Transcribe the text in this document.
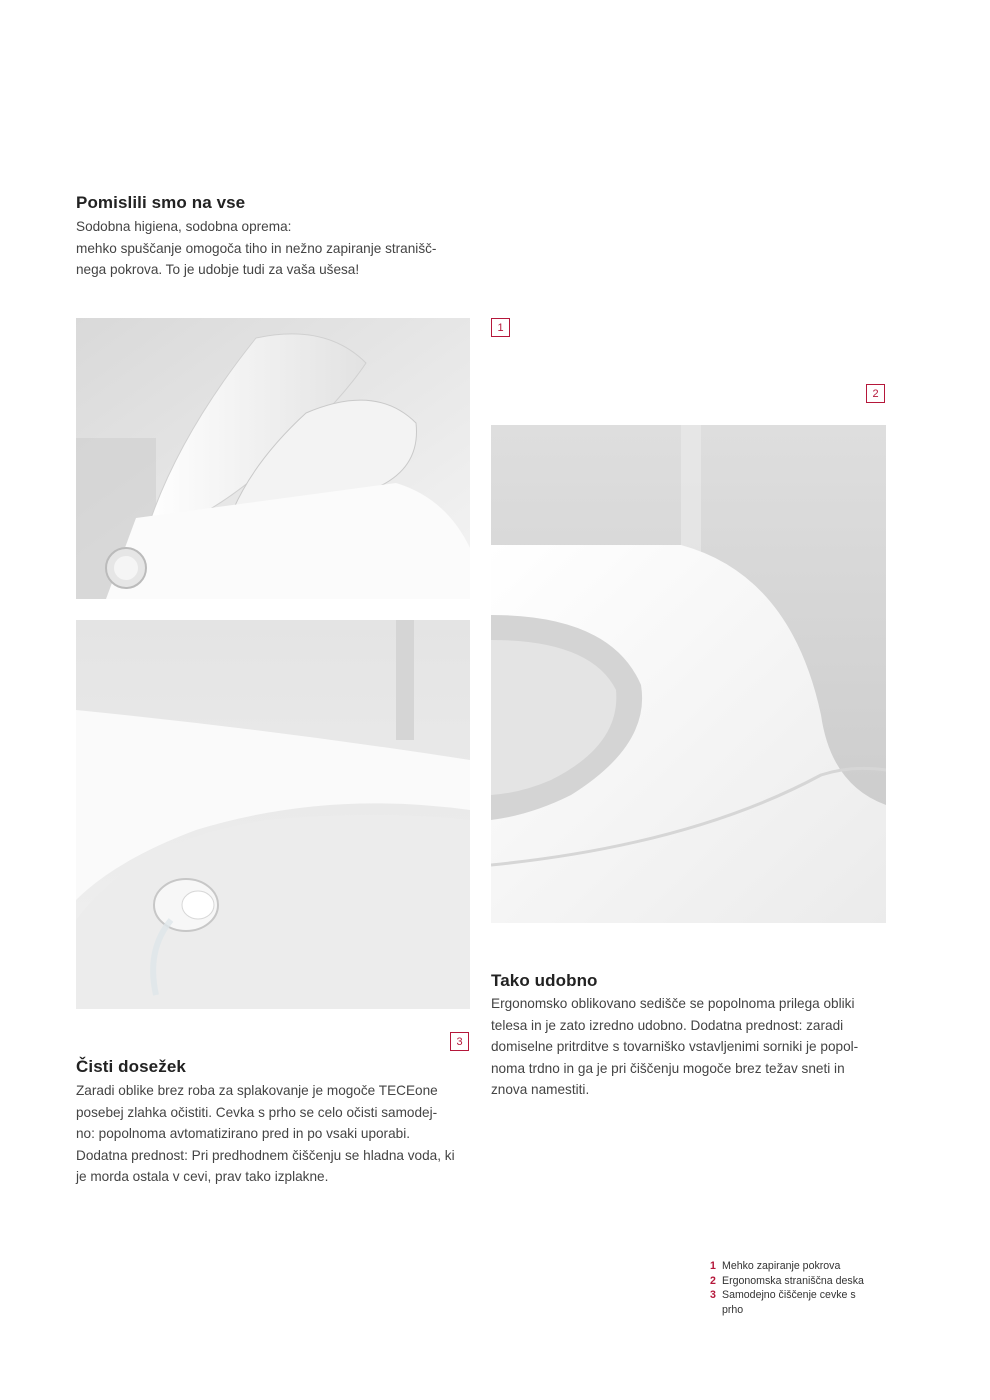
Pomislili smo na vse

Sodobna higiena, sodobna oprema:
mehko spuščanje omogoča tiho in nežno zapiranje stranišč-
nega pokrova. To je udobje tudi za vaša ušesa!

1
2
3
Tako udobno

Ergonomsko oblikovano sedišče se popolnoma prilega obliki
telesa in je zato izredno udobno. Dodatna prednost: zaradi
domiselne pritrditve s tovarniško vstavljenimi sorniki je popol-
noma trdno in ga je pri čiščenju mogoče brez težav sneti in
znova namestiti.

Čisti dosežek

Zaradi oblike brez roba za splakovanje je mogoče TECEone
posebej zlahka očistiti. Cevka s prho se celo očisti samodej-
no: popolnoma avtomatizirano pred in po vsaki uporabi.
Dodatna prednost: Pri predhodnem čiščenju se hladna voda, ki
je morda ostala v cevi, prav tako izplakne.

1 Mehko zapiranje pokrova
2 Ergonomska straniščna deska
3 Samodejno čiščenje cevke s prho
